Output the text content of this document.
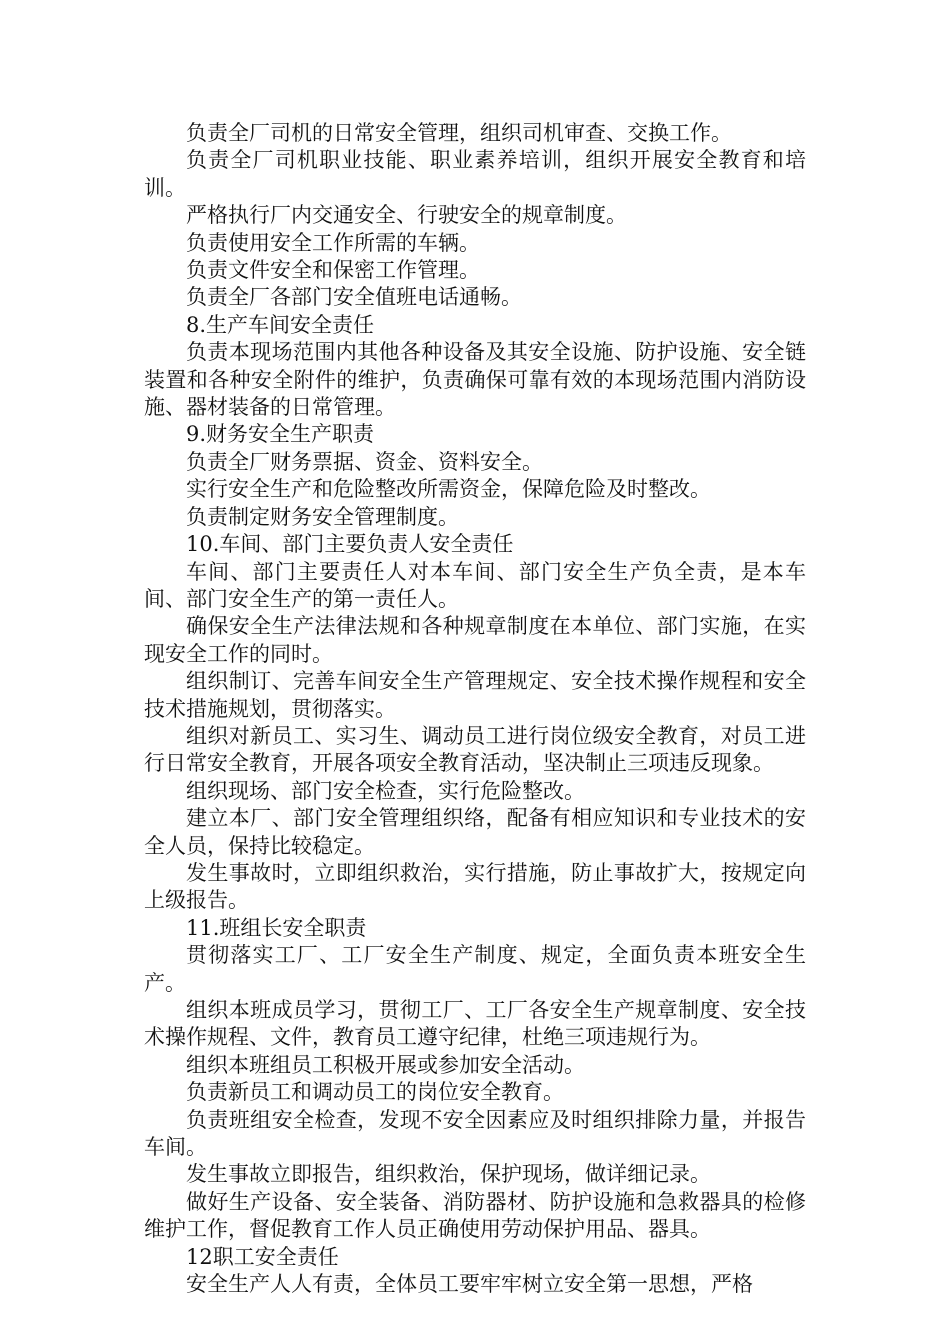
负责全厂司机的日常安全管理，组织司机审查、交换工作。

负责全厂司机职业技能、职业素养培训，组织开展安全教育和培训。

严格执行厂内交通安全、行驶安全的规章制度。

负责使用安全工作所需的车辆。

负责文件安全和保密工作管理。

负责全厂各部门安全值班电话通畅。

8.生产车间安全责任

负责本现场范围内其他各种设备及其安全设施、防护设施、安全链装置和各种安全附件的维护，负责确保可靠有效的本现场范围内消防设施、器材装备的日常管理。

9.财务安全生产职责

负责全厂财务票据、资金、资料安全。

实行安全生产和危险整改所需资金，保障危险及时整改。

负责制定财务安全管理制度。

10.车间、部门主要负责人安全责任

车间、部门主要责任人对本车间、部门安全生产负全责，是本车间、部门安全生产的第一责任人。

确保安全生产法律法规和各种规章制度在本单位、部门实施，在实现安全工作的同时。

组织制订、完善车间安全生产管理规定、安全技术操作规程和安全技术措施规划，贯彻落实。

组织对新员工、实习生、调动员工进行岗位级安全教育，对员工进行日常安全教育，开展各项安全教育活动，坚决制止三项违反现象。

组织现场、部门安全检查，实行危险整改。

建立本厂、部门安全管理组织络，配备有相应知识和专业技术的安全人员，保持比较稳定。

发生事故时，立即组织救治，实行措施，防止事故扩大，按规定向上级报告。

11.班组长安全职责

贯彻落实工厂、工厂安全生产制度、规定，全面负责本班安全生产。

组织本班成员学习，贯彻工厂、工厂各安全生产规章制度、安全技术操作规程、文件，教育员工遵守纪律，杜绝三项违规行为。

组织本班组员工积极开展或参加安全活动。

负责新员工和调动员工的岗位安全教育。

负责班组安全检查，发现不安全因素应及时组织排除力量，并报告车间。

发生事故立即报告，组织救治，保护现场，做详细记录。

做好生产设备、安全装备、消防器材、防护设施和急救器具的检修维护工作，督促教育工作人员正确使用劳动保护用品、器具。

12职工安全责任

安全生产人人有责，全体员工要牢牢树立安全第一思想，严格
